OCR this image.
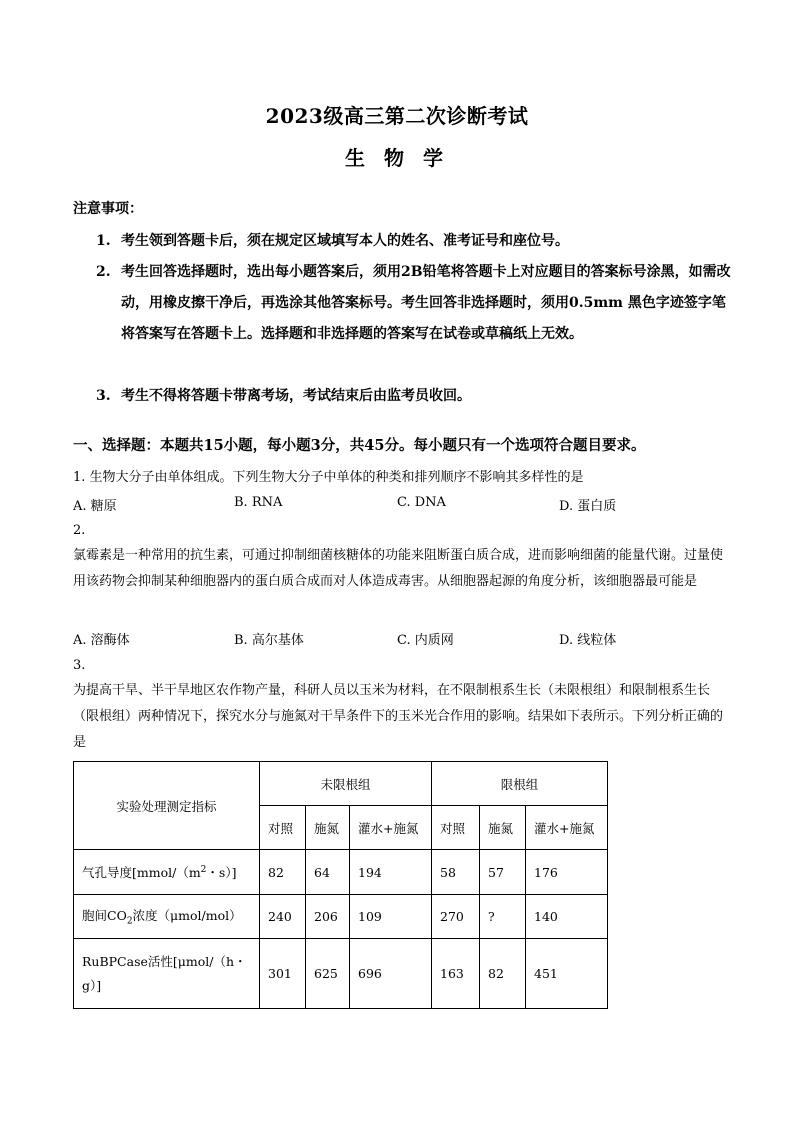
2023级高三第二次诊断考试
生 物 学
注意事项：
1. 考生领到答题卡后，须在规定区域填写本人的姓名、准考证号和座位号。
2. 考生回答选择题时，选出每小题答案后，须用2B铅笔将答题卡上对应题目的答案标号涂黑，如需改动，用橡皮擦干净后，再选涂其他答案标号。考生回答非选择题时，须用0.5mm 黑色字迹签字笔将答案写在答题卡上。选择题和非选择题的答案写在试卷或草稿纸上无效。
3. 考生不得将答题卡带离考场，考试结束后由监考员收回。
一、选择题：本题共15小题，每小题3分，共45分。每小题只有一个选项符合题目要求。
1. 生物大分子由单体组成。下列生物大分子中单体的种类和排列顺序不影响其多样性的是
A. 糖原	B. RNA	C. DNA	D. 蛋白质
2.
氯霉素是一种常用的抗生素，可通过抑制细菌核糖体的功能来阻断蛋白质合成，进而影响细菌的能量代谢。过量使用该药物会抑制某种细胞器内的蛋白质合成而对人体造成毒害。从细胞器起源的角度分析，该细胞器最可能是
A. 溶酶体	B. 高尔基体	C. 内质网	D. 线粒体
3.
为提高干旱、半干旱地区农作物产量，科研人员以玉米为材料，在不限制根系生长（未限根组）和限制根系生长（限根组）两种情况下，探究水分与施氮对干旱条件下的玉米光合作用的影响。结果如下表所示。下列分析正确的是
实验处理测定指标	未限根组			限根组		
	对照	施氮	灌水+施氮	对照	施氮	灌水+施氮
气孔导度[$mmol/(m^2$・s）]	82	64	194	58	57	176
胞间$CO_2$浓度（μmol/mol）	240	206	109	270	?	140
RuBPCase活性[μmol/（h・g）]	301	625	696	163	82	451
